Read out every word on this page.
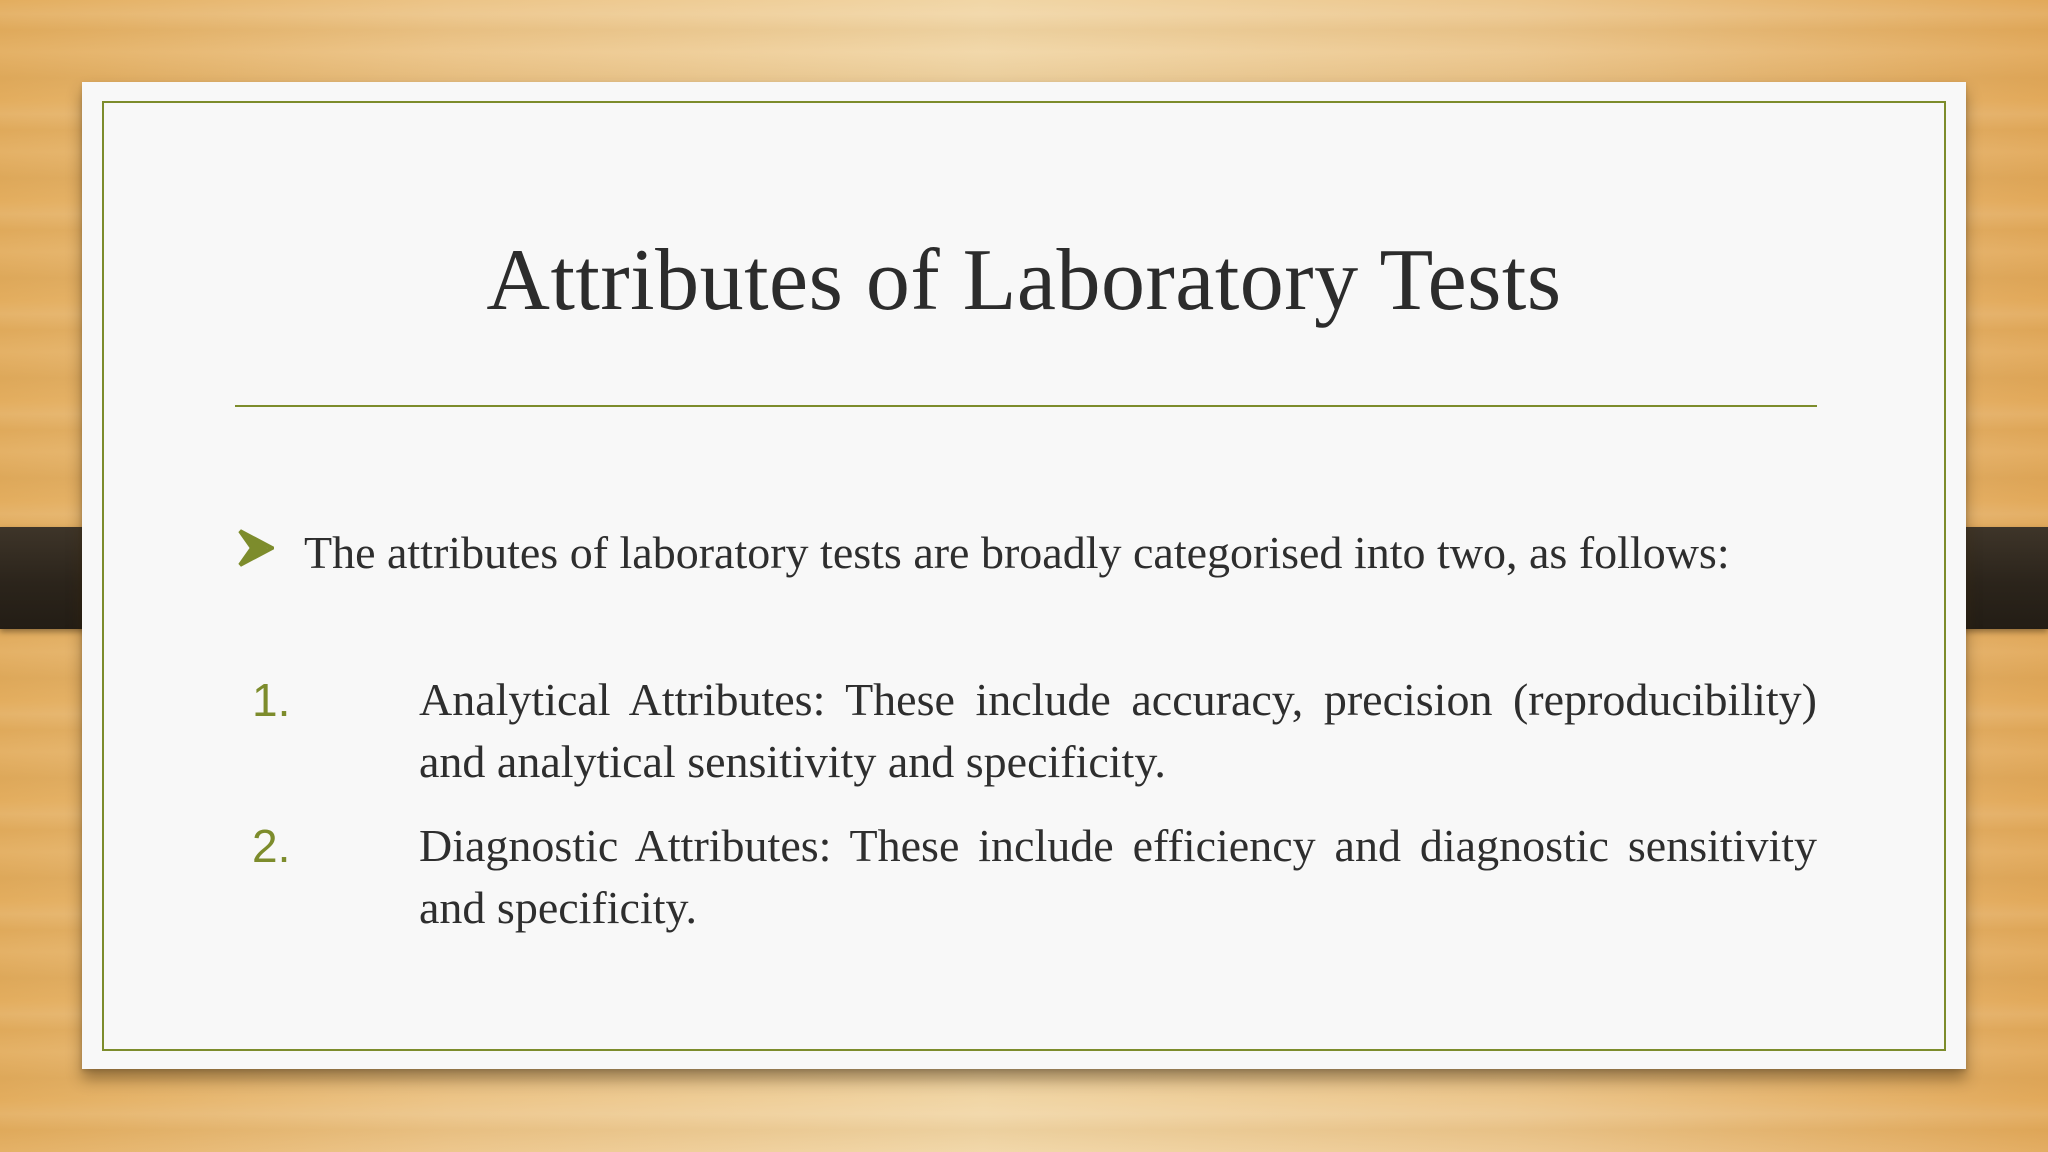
Attributes of Laboratory Tests

The attributes of laboratory tests are broadly categorised into two, as follows:

1.	Analytical Attributes: These include accuracy, precision (reproducibility) and analytical sensitivity and specificity.

2.	Diagnostic Attributes: These include efficiency and diagnostic sensitivity and specificity.
